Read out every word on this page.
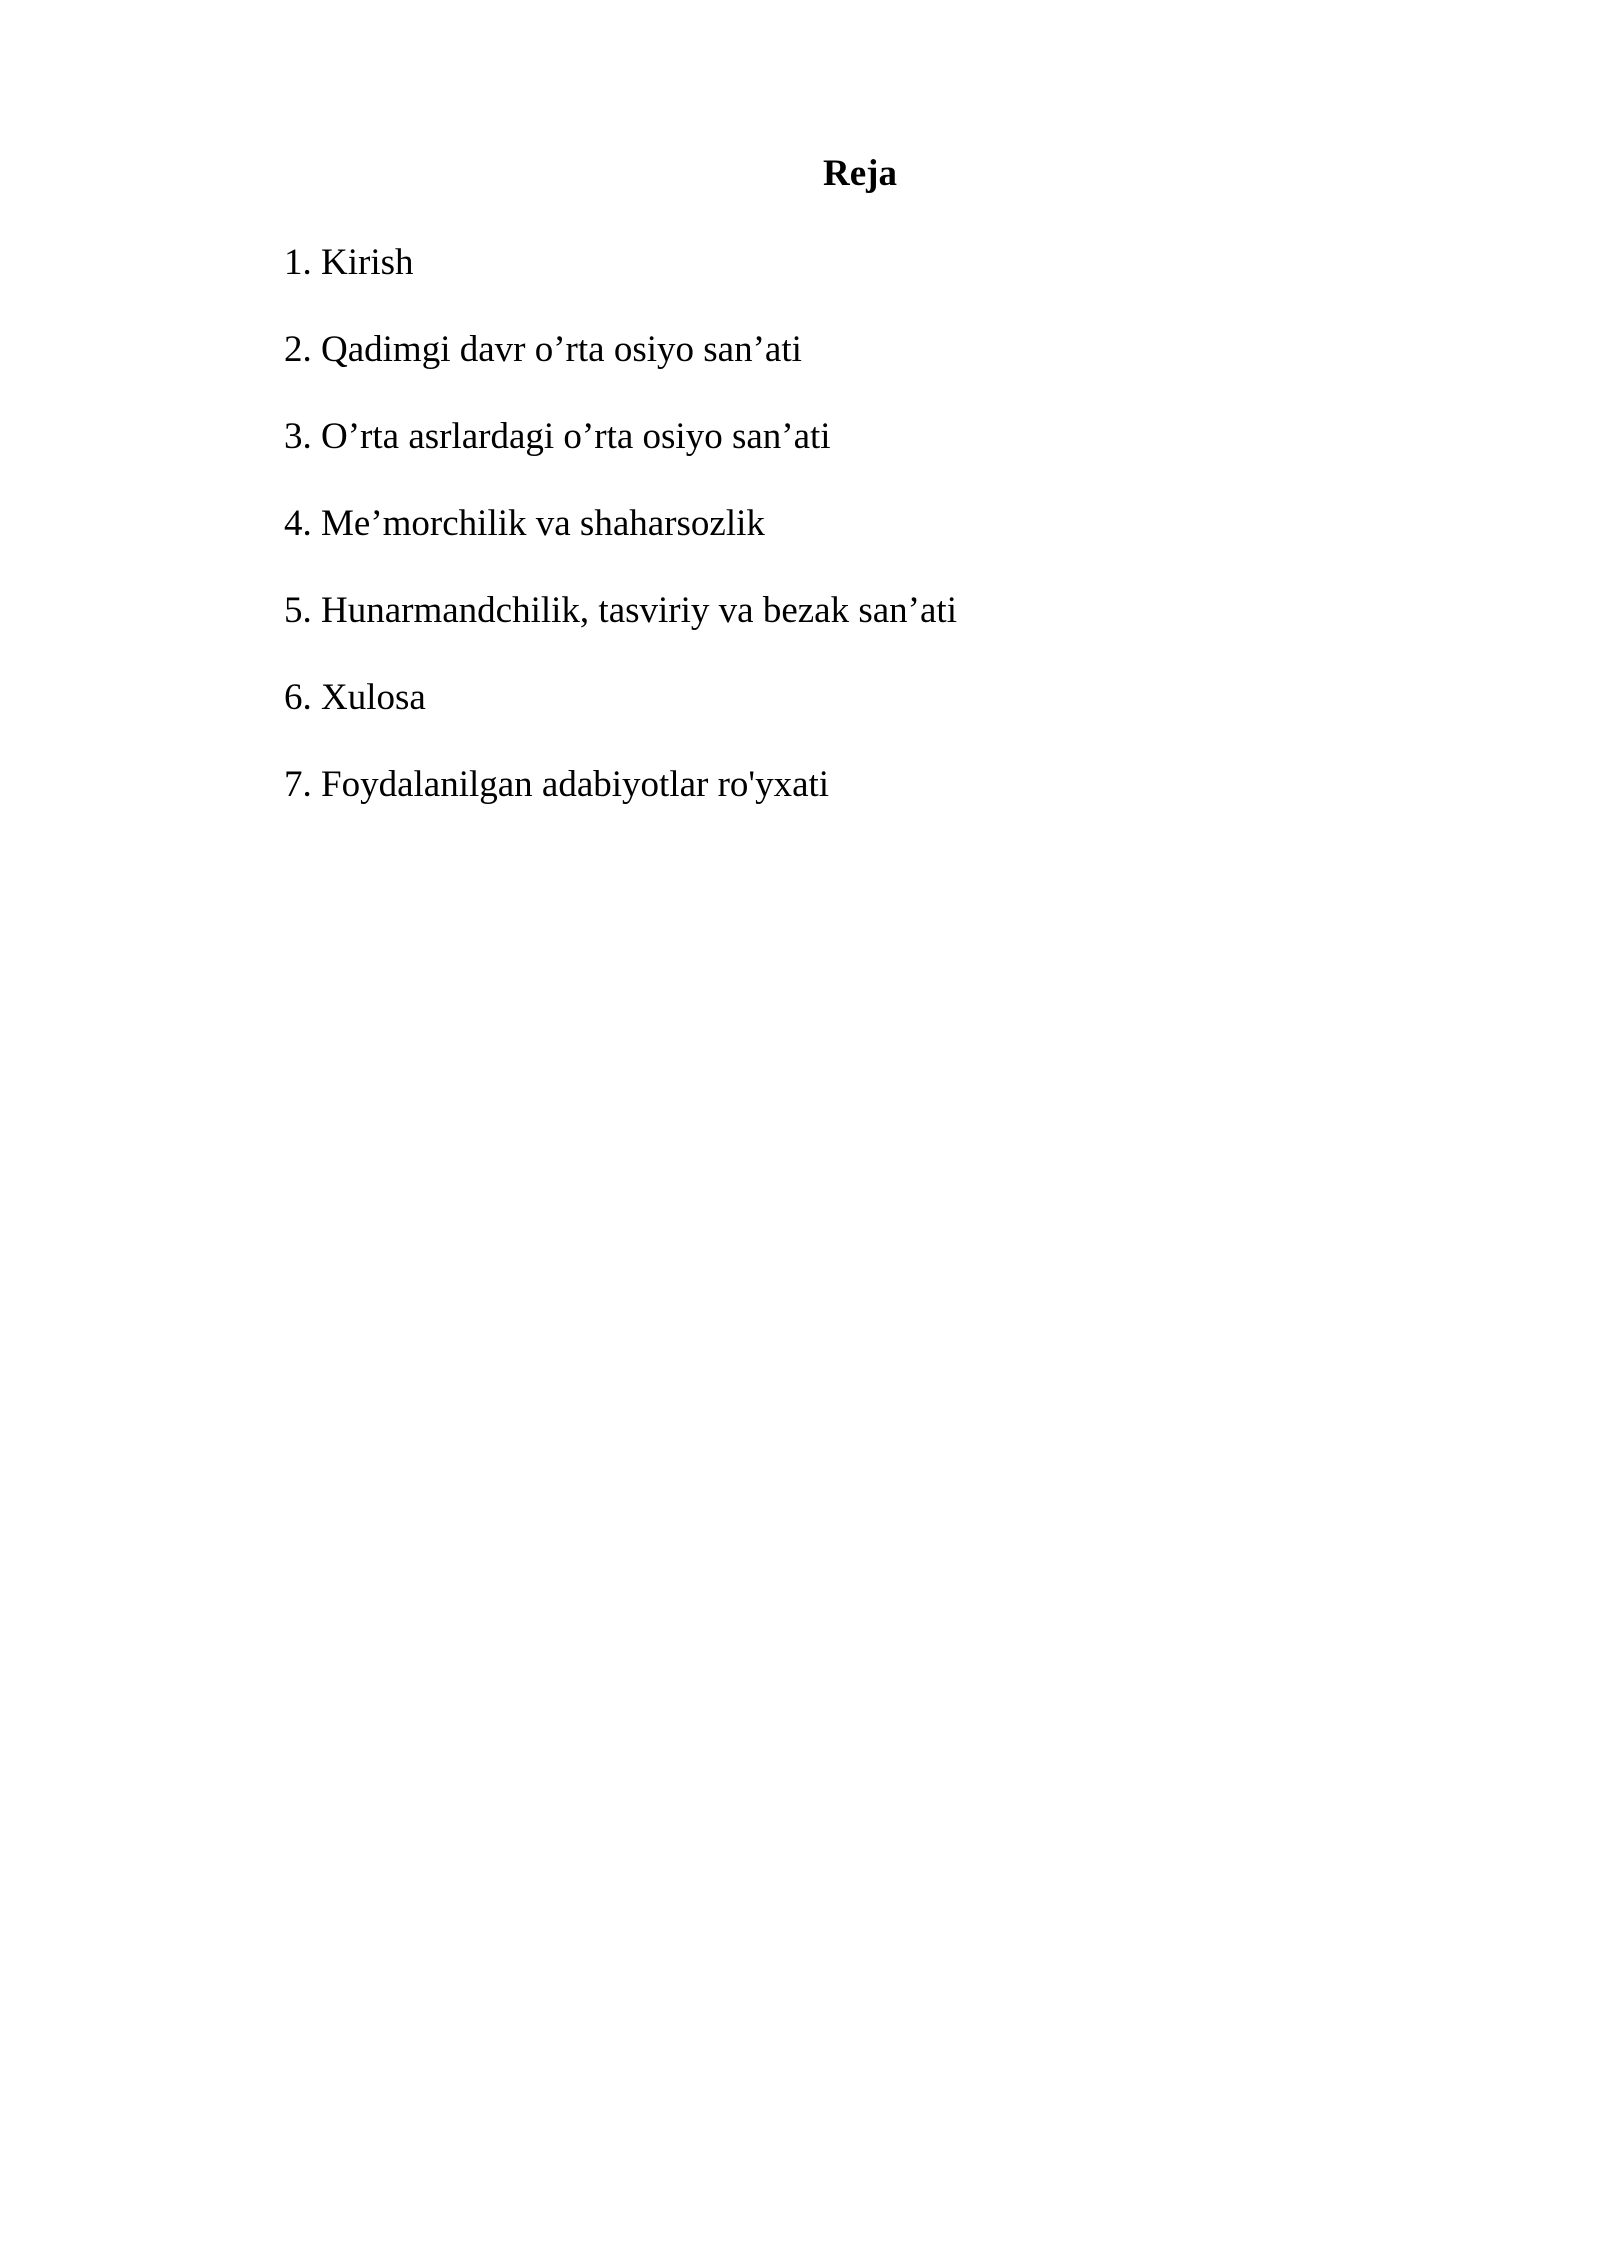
Reja
1. Kirish
2. Qadimgi davr o’rta osiyo san’ati
3. O’rta asrlardagi o’rta osiyo san’ati
4. Me’morchilik va shaharsozlik
5. Hunarmandchilik, tasviriy va bezak san’ati
6. Xulosa
7. Foydalanilgan adabiyotlar ro'yxati
